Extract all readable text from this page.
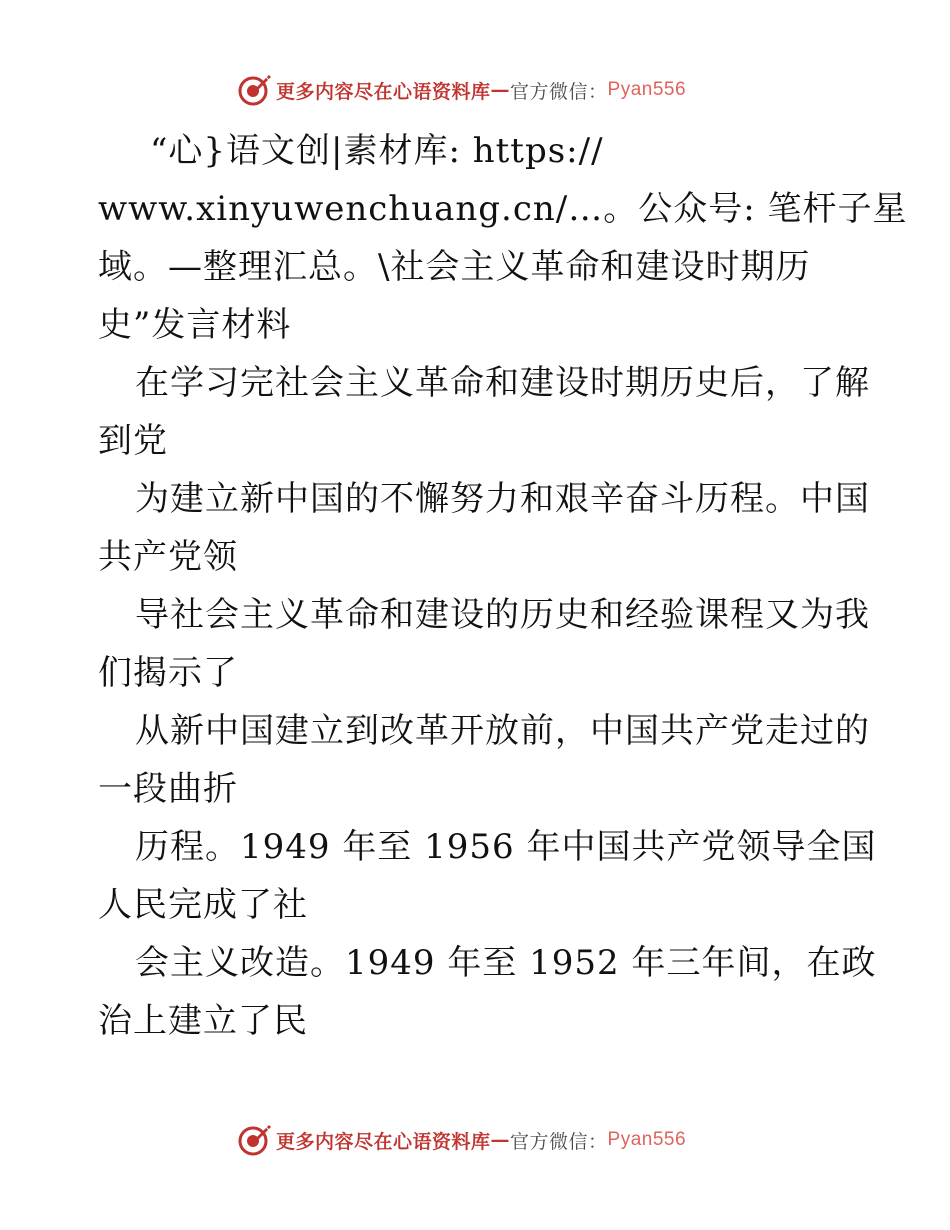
更多内容尽在心语资料库 — 官方微信： Pyan556
“心}语文创|素材库: https://
www.xinyuwenchuang.cn/…。公众号: 笔杆子星
域。—整理汇总。\社会主义革命和建设时期历
史”发言材料
在学习完社会主义革命和建设时期历史后，了解
到党
为建立新中国的不懈努力和艰辛奋斗历程。中国
共产党领
导社会主义革命和建设的历史和经验课程又为我
们揭示了
从新中国建立到改革开放前，中国共产党走过的
一段曲折
历程。1949 年至 1956 年中国共产党领导全国
人民完成了社
会主义改造。1949 年至 1952 年三年间，在政
治上建立了民
更多内容尽在心语资料库 — 官方微信： Pyan556
